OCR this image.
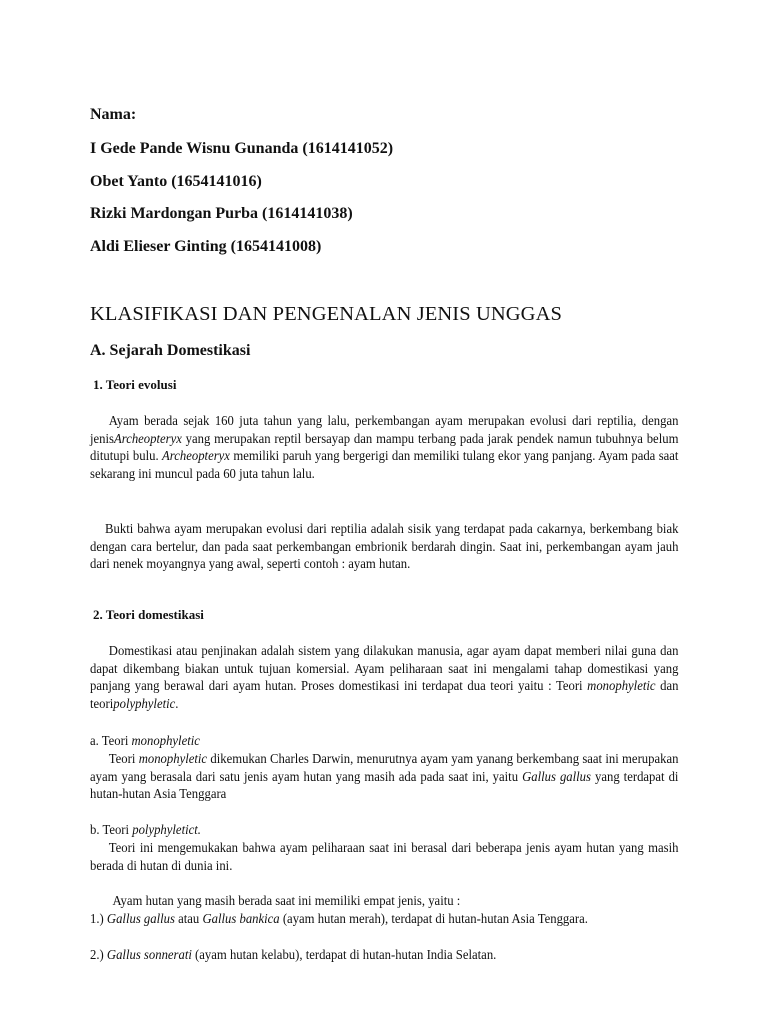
Nama:
I Gede Pande Wisnu Gunanda (1614141052)
Obet Yanto (1654141016)
Rizki Mardongan Purba (1614141038)
Aldi Elieser Ginting (1654141008)
KLASIFIKASI DAN PENGENALAN JENIS UNGGAS
A. Sejarah Domestikasi
1. Teori evolusi
Ayam berada sejak 160 juta tahun yang lalu, perkembangan ayam merupakan evolusi dari reptilia, dengan jenisArcheopteryx yang merupakan reptil bersayap dan mampu terbang pada jarak pendek namun tubuhnya belum ditutupi bulu. Archeopteryx memiliki paruh yang bergerigi dan memiliki tulang ekor yang panjang. Ayam pada saat sekarang ini muncul pada 60 juta tahun lalu.
Bukti bahwa ayam merupakan evolusi dari reptilia adalah sisik yang terdapat pada cakarnya, berkembang biak dengan cara bertelur, dan pada saat perkembangan embrionik berdarah dingin. Saat ini, perkembangan ayam jauh dari nenek moyangnya yang awal, seperti contoh : ayam hutan.
2. Teori domestikasi
Domestikasi atau penjinakan adalah sistem yang dilakukan manusia, agar ayam dapat memberi nilai guna dan dapat dikembang biakan untuk tujuan komersial. Ayam peliharaan saat ini mengalami tahap domestikasi yang panjang yang berawal dari ayam hutan. Proses domestikasi ini terdapat dua teori yaitu : Teori monophyletic dan teoripolyphyletic.
a. Teori monophyletic
Teori monophyletic dikemukan Charles Darwin, menurutnya ayam yam yanang berkembang saat ini merupakan ayam yang berasala dari satu jenis ayam hutan yang masih ada pada saat ini, yaitu Gallus gallus yang terdapat di hutan-hutan Asia Tenggara
b. Teori polyphyletict.
Teori ini mengemukakan bahwa ayam peliharaan saat ini berasal dari beberapa jenis ayam hutan yang masih berada di hutan di dunia ini.
Ayam hutan yang masih berada saat ini memiliki empat jenis, yaitu :
1.) Gallus gallus atau Gallus bankica (ayam hutan merah), terdapat di hutan-hutan Asia Tenggara.
2.) Gallus sonnerati (ayam hutan kelabu), terdapat di hutan-hutan India Selatan.
